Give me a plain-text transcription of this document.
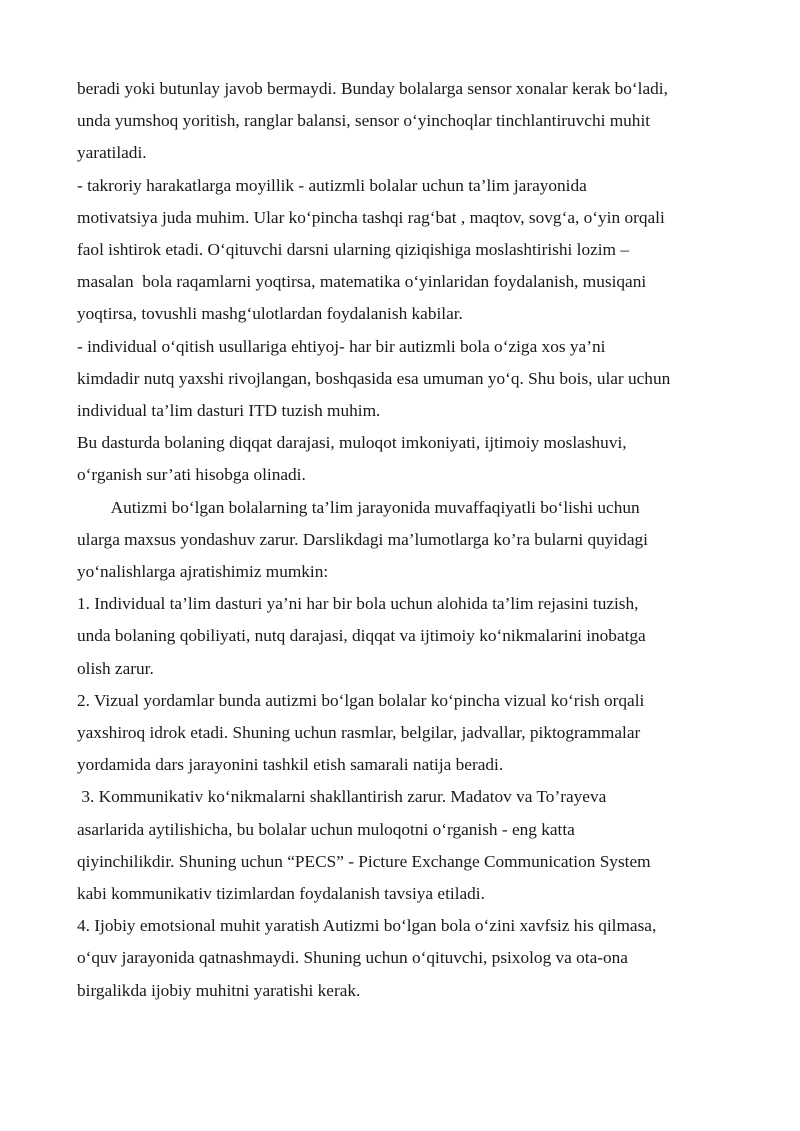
beradi yoki butunlay javob bermaydi. Bunday bolalarga sensor xonalar kerak bo‘ladi,
unda yumshoq yoritish, ranglar balansi, sensor o‘yinchoqlar tinchlantiruvchi muhit
yaratiladi.
- takroriy harakatlarga moyillik - autizmli bolalar uchun ta’lim jarayonida
motivatsiya juda muhim. Ular ko‘pincha tashqi rag‘bat , maqtov, sovg‘a, o‘yin orqali
faol ishtirok etadi. O‘qituvchi darsni ularning qiziqishiga moslashtirishi lozim –
masalan  bola raqamlarni yoqtirsa, matematika o‘yinlaridan foydalanish, musiqani
yoqtirsa, tovushli mashg‘ulotlardan foydalanish kabilar.
- individual o‘qitish usullariga ehtiyoj- har bir autizmli bola o‘ziga xos ya’ni
kimdadir nutq yaxshi rivojlangan, boshqasida esa umuman yo‘q. Shu bois, ular uchun
individual ta’lim dasturi ITD tuzish muhim.
Bu dasturda bolaning diqqat darajasi, muloqot imkoniyati, ijtimoiy moslashuvi,
o‘rganish sur’ati hisobga olinadi.
Autizmi bo‘lgan bolalarning ta’lim jarayonida muvaffaqiyatli bo‘lishi uchun
ularga maxsus yondashuv zarur. Darslikdagi ma’lumotlarga ko’ra bularni quyidagi
yo‘nalishlarga ajratishimiz mumkin:
1. Individual ta’lim dasturi ya’ni har bir bola uchun alohida ta’lim rejasini tuzish,
unda bolaning qobiliyati, nutq darajasi, diqqat va ijtimoiy ko‘nikmalarini inobatga
olish zarur.
2. Vizual yordamlar bunda autizmi bo‘lgan bolalar ko‘pincha vizual ko‘rish orqali
yaxshiroq idrok etadi. Shuning uchun rasmlar, belgilar, jadvallar, piktogrammalar
yordamida dars jarayonini tashkil etish samarali natija beradi.
3. Kommunikativ ko‘nikmalarni shakllantirish zarur. Madatov va To’rayeva
asarlarida aytilishicha, bu bolalar uchun muloqotni o‘rganish - eng katta
qiyinchilikdir. Shuning uchun “PECS” - Picture Exchange Communication System
kabi kommunikativ tizimlardan foydalanish tavsiya etiladi.
4. Ijobiy emotsional muhit yaratish Autizmi bo‘lgan bola o‘zini xavfsiz his qilmasa,
o‘quv jarayonida qatnashmaydi. Shuning uchun o‘qituvchi, psixolog va ota-ona
birgalikda ijobiy muhitni yaratishi kerak.
